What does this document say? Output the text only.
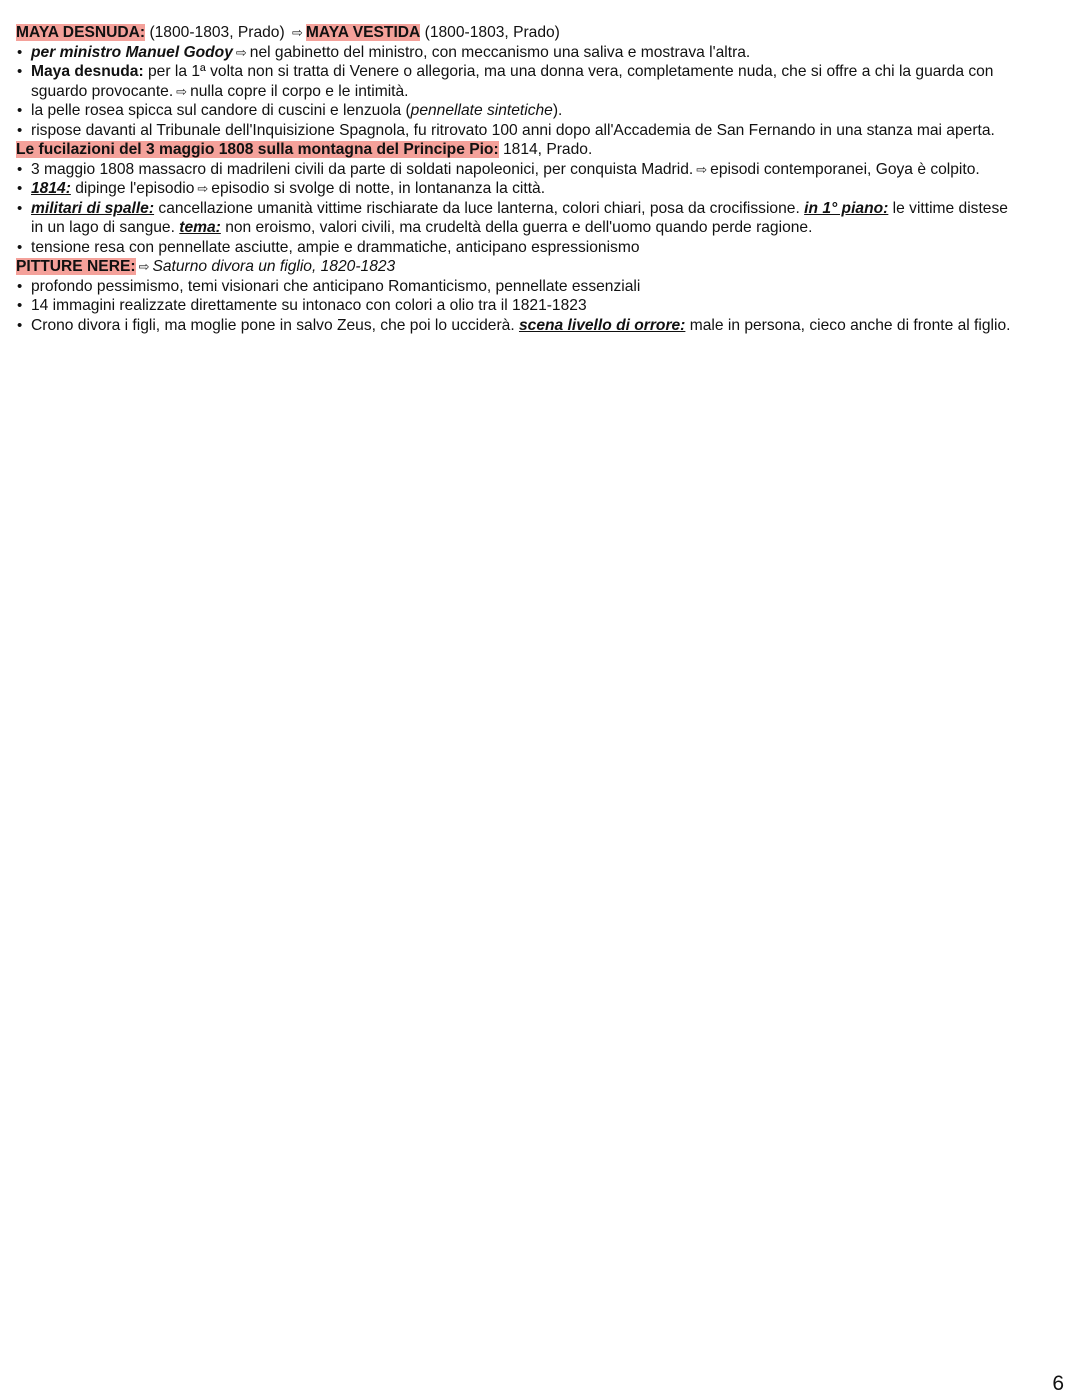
MAYA DESNUDA: (1800-1803, Prado) ⇨ MAYA VESTIDA (1800-1803, Prado)
• per ministro Manuel Godoy ⇨ nel gabinetto del ministro, con meccanismo una saliva e mostrava l'altra.
• Maya desnuda: per la 1ª volta non si tratta di Venere o allegoria, ma una donna vera, completamente nuda, che si offre a chi la guarda con
sguardo provocante. ⇨ nulla copre il corpo e le intimità.
• la pelle rosea spicca sul candore di cuscini e lenzuola (pennellate sintetiche).
• rispose davanti al Tribunale dell'Inquisizione Spagnola, fu ritrovato 100 anni dopo all'Accademia de San Fernando in una stanza mai aperta.
Le fucilazioni del 3 maggio 1808 sulla montagna del Principe Pio: 1814, Prado.
• 3 maggio 1808 massacro di madrileni civili da parte di soldati napoleonici, per conquista Madrid. ⇨ episodi contemporanei, Goya è colpito.
• 1814: dipinge l'episodio ⇨ episodio si svolge di notte, in lontananza la città.
• militari di spalle: cancellazione umanità vittime rischiarate da luce lanterna, colori chiari, posa da crocifissione. in 1° piano: le vittime distese
in un lago di sangue. tema: non eroismo, valori civili, ma crudeltà della guerra e dell'uomo quando perde ragione.
• tensione resa con pennellate asciutte, ampie e drammatiche, anticipano espressionismo
PITTURE NERE: ⇨ Saturno divora un figlio, 1820-1823
• profondo pessimismo, temi visionari che anticipano Romanticismo, pennellate essenziali
• 14 immagini realizzate direttamente su intonaco con colori a olio tra il 1821-1823
• Crono divora i figli, ma moglie pone in salvo Zeus, che poi lo ucciderà. scena livello di orrore: male in persona, cieco anche di fronte al figlio.
6
